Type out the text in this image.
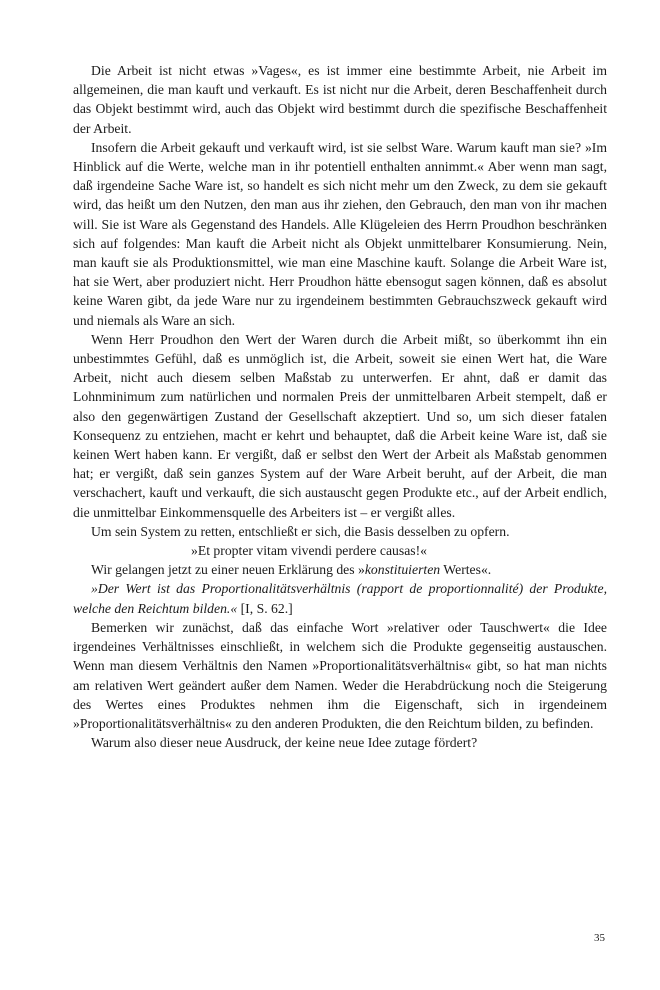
Die Arbeit ist nicht etwas »Vages«, es ist immer eine bestimmte Arbeit, nie Arbeit im allgemeinen, die man kauft und verkauft. Es ist nicht nur die Arbeit, deren Beschaffenheit durch das Objekt bestimmt wird, auch das Objekt wird bestimmt durch die spezifische Beschaffenheit der Arbeit.

Insofern die Arbeit gekauft und verkauft wird, ist sie selbst Ware. Warum kauft man sie? »Im Hinblick auf die Werte, welche man in ihr potentiell enthalten annimmt.« Aber wenn man sagt, daß irgendeine Sache Ware ist, so handelt es sich nicht mehr um den Zweck, zu dem sie gekauft wird, das heißt um den Nutzen, den man aus ihr ziehen, den Gebrauch, den man von ihr machen will. Sie ist Ware als Gegenstand des Handels. Alle Klügeleien des Herrn Proudhon beschränken sich auf folgendes: Man kauft die Arbeit nicht als Objekt unmittelbarer Konsumierung. Nein, man kauft sie als Produktionsmittel, wie man eine Maschine kauft. Solange die Arbeit Ware ist, hat sie Wert, aber produziert nicht. Herr Proudhon hätte ebensogut sagen können, daß es absolut keine Waren gibt, da jede Ware nur zu irgendeinem bestimmten Gebrauchszweck gekauft wird und niemals als Ware an sich.

Wenn Herr Proudhon den Wert der Waren durch die Arbeit mißt, so überkommt ihn ein unbestimmtes Gefühl, daß es unmöglich ist, die Arbeit, soweit sie einen Wert hat, die Ware Arbeit, nicht auch diesem selben Maßstab zu unterwerfen. Er ahnt, daß er damit das Lohnminimum zum natürlichen und normalen Preis der unmittelbaren Arbeit stempelt, daß er also den gegenwärtigen Zustand der Gesellschaft akzeptiert. Und so, um sich dieser fatalen Konsequenz zu entziehen, macht er kehrt und behauptet, daß die Arbeit keine Ware ist, daß sie keinen Wert haben kann. Er vergißt, daß er selbst den Wert der Arbeit als Maßstab genommen hat; er vergißt, daß sein ganzes System auf der Ware Arbeit beruht, auf der Arbeit, die man verschachert, kauft und verkauft, die sich austauscht gegen Produkte etc., auf der Arbeit endlich, die unmittelbar Einkommensquelle des Arbeiters ist – er vergißt alles.

Um sein System zu retten, entschließt er sich, die Basis desselben zu opfern.

»Et propter vitam vivendi perdere causas!«

Wir gelangen jetzt zu einer neuen Erklärung des »konstituierten Wertes«.

»Der Wert ist das Proportionalitätsverhältnis (rapport de proportionnalité) der Produkte, welche den Reichtum bilden.« [I, S. 62.]

Bemerken wir zunächst, daß das einfache Wort »relativer oder Tauschwert« die Idee irgendeines Verhältnisses einschließt, in welchem sich die Produkte gegenseitig austauschen. Wenn man diesem Verhältnis den Namen »Proportionalitätsverhältnis« gibt, so hat man nichts am relativen Wert geändert außer dem Namen. Weder die Herabdrückung noch die Steigerung des Wertes eines Produktes nehmen ihm die Eigenschaft, sich in irgendeinem »Proportionalitätsverhältnis« zu den anderen Produkten, die den Reichtum bilden, zu befinden.

Warum also dieser neue Ausdruck, der keine neue Idee zutage fördert?

35
